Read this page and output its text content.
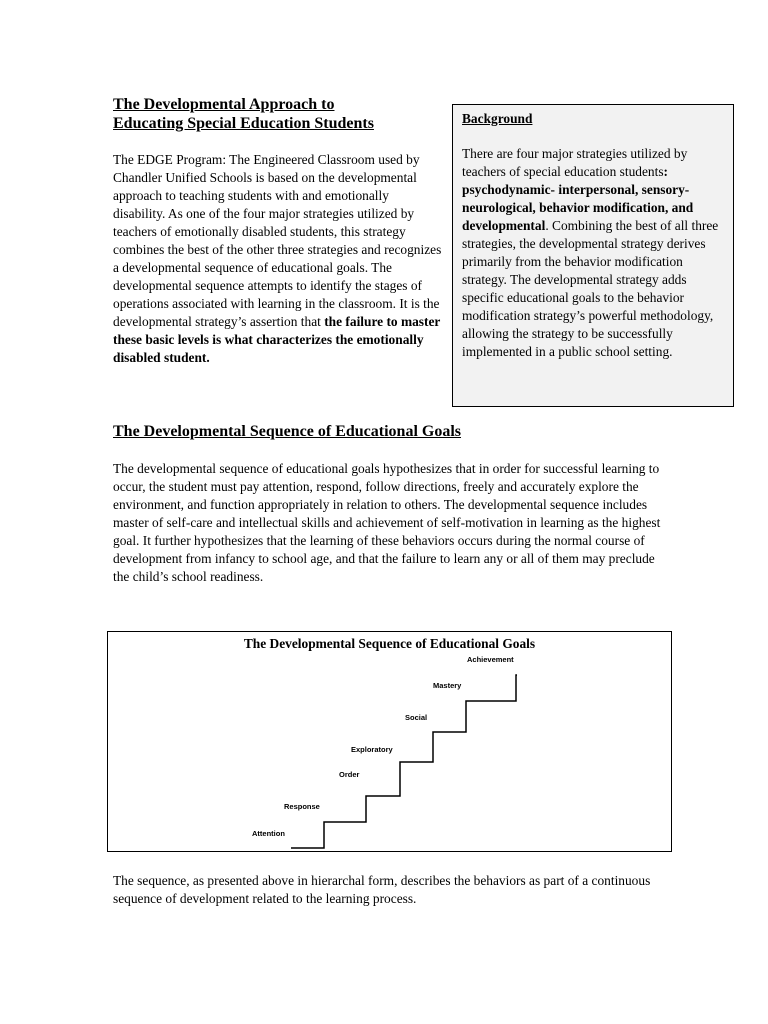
The Developmental Approach to
Educating Special Education Students

The EDGE Program: The Engineered Classroom used by Chandler Unified Schools is based on the developmental approach to teaching students with and emotionally disability. As one of the four major strategies utilized by teachers of emotionally disabled students, this strategy combines the best of the other three strategies and recognizes a developmental sequence of educational goals. The developmental sequence attempts to identify the stages of operations associated with learning in the classroom. It is the developmental strategy’s assertion that the failure to master these basic levels is what characterizes the emotionally disabled student.

Background

There are four major strategies utilized by teachers of special education students: psychodynamic- interpersonal, sensory-neurological, behavior modification, and developmental. Combining the best of all three strategies, the developmental strategy derives primarily from the behavior modification strategy. The developmental strategy adds specific educational goals to the behavior modification strategy’s powerful methodology, allowing the strategy to be successfully implemented in a public school setting.

The Developmental Sequence of Educational Goals

The developmental sequence of educational goals hypothesizes that in order for successful learning to occur, the student must pay attention, respond, follow directions, freely and accurately explore the environment, and function appropriately in relation to others. The developmental sequence includes master of self-care and intellectual skills and achievement of self-motivation in learning as the highest goal. It further hypothesizes that the learning of these behaviors occurs during the normal course of development from infancy to school age, and that the failure to learn any or all of them may preclude the child’s school readiness.

The Developmental Sequence of Educational Goals

Attention
Response
Order
Exploratory
Social
Mastery
Achievement

The sequence, as presented above in hierarchal form, describes the behaviors as part of a continuous sequence of development related to the learning process.
